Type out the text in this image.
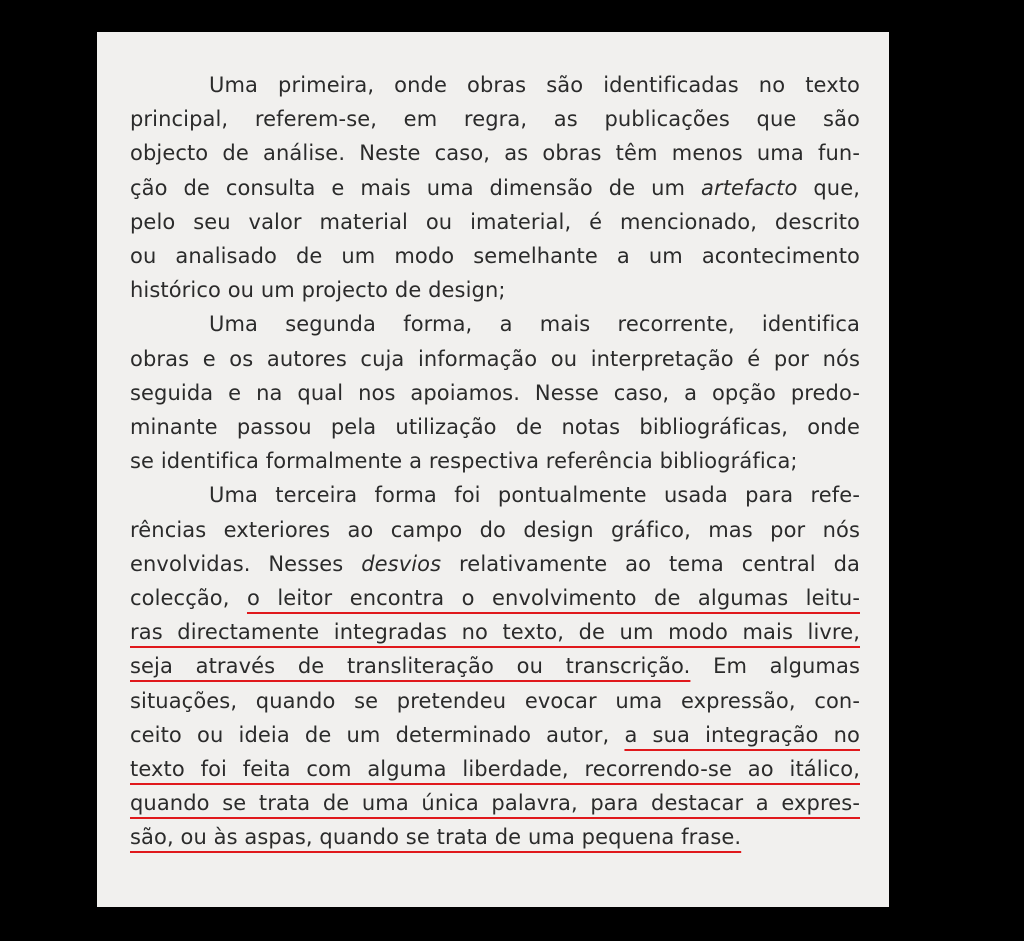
Uma primeira, onde obras são identificadas no texto
principal, referem-se, em regra, as publicações que são
objecto de análise. Neste caso, as obras têm menos uma fun-
ção de consulta e mais uma dimensão de um artefacto que,
pelo seu valor material ou imaterial, é mencionado, descrito
ou analisado de um modo semelhante a um acontecimento
histórico ou um projecto de design;
Uma segunda forma, a mais recorrente, identifica
obras e os autores cuja informação ou interpretação é por nós
seguida e na qual nos apoiamos. Nesse caso, a opção predo-
minante passou pela utilização de notas bibliográficas, onde
se identifica formalmente a respectiva referência bibliográfica;
Uma terceira forma foi pontualmente usada para refe-
rências exteriores ao campo do design gráfico, mas por nós
envolvidas. Nesses desvios relativamente ao tema central da
colecção, o leitor encontra o envolvimento de algumas leitu-
ras directamente integradas no texto, de um modo mais livre,
seja através de transliteração ou transcrição. Em algumas
situações, quando se pretendeu evocar uma expressão, con-
ceito ou ideia de um determinado autor, a sua integração no
texto foi feita com alguma liberdade, recorrendo-se ao itálico,
quando se trata de uma única palavra, para destacar a expres-
são, ou às aspas, quando se trata de uma pequena frase.
